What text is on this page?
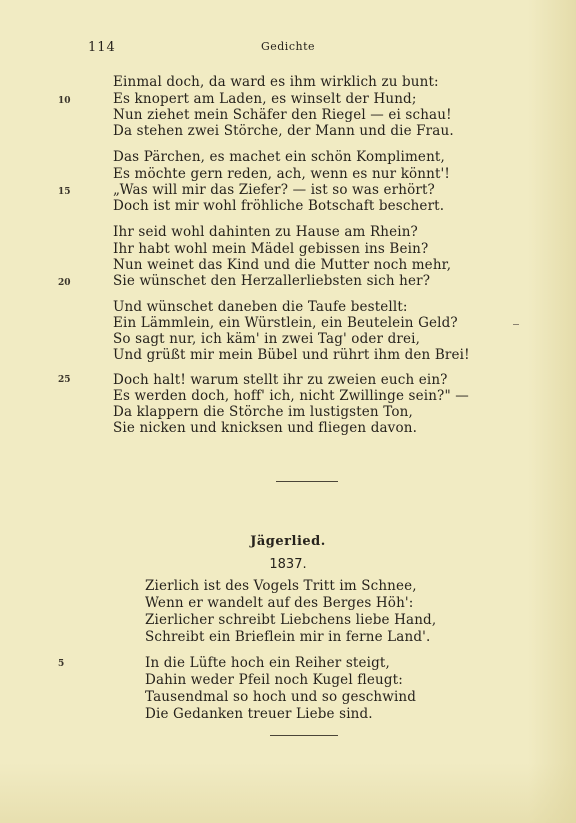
114	Gedichte
Einmal doch, da ward es ihm wirklich zu bunt:
Es knopert am Laden, es winselt der Hund;
Nun ziehet mein Schäfer den Riegel — ei schau!
Da stehen zwei Störche, der Mann und die Frau.
10
Das Pärchen, es machet ein schön Kompliment,
Es möchte gern reden, ach, wenn es nur könnt'!
„Was will mir das Ziefer? — ist so was erhört?
Doch ist mir wohl fröhliche Botschaft beschert.
15
Ihr seid wohl dahinten zu Hause am Rhein?
Ihr habt wohl mein Mädel gebissen ins Bein?
Nun weinet das Kind und die Mutter noch mehr,
Sie wünschet den Herzallerliebsten sich her?
20
Und wünschet daneben die Taufe bestellt:
Ein Lämmlein, ein Würstlein, ein Beutelein Geld?
So sagt nur, ich käm' in zwei Tag' oder drei,
Und grüßt mir mein Bübel und rührt ihm den Brei!
Doch halt! warum stellt ihr zu zweien euch ein?
Es werden doch, hoff' ich, nicht Zwillinge sein?" —
Da klappern die Störche im lustigsten Ton,
Sie nicken und knicksen und fliegen davon.
25
Jägerlied.
1837.
Zierlich ist des Vogels Tritt im Schnee,
Wenn er wandelt auf des Berges Höh':
Zierlicher schreibt Liebchens liebe Hand,
Schreibt ein Brieflein mir in ferne Land'.
In die Lüfte hoch ein Reiher steigt,
Dahin weder Pfeil noch Kugel fleugt:
Tausendmal so hoch und so geschwind
Die Gedanken treuer Liebe sind.
5
